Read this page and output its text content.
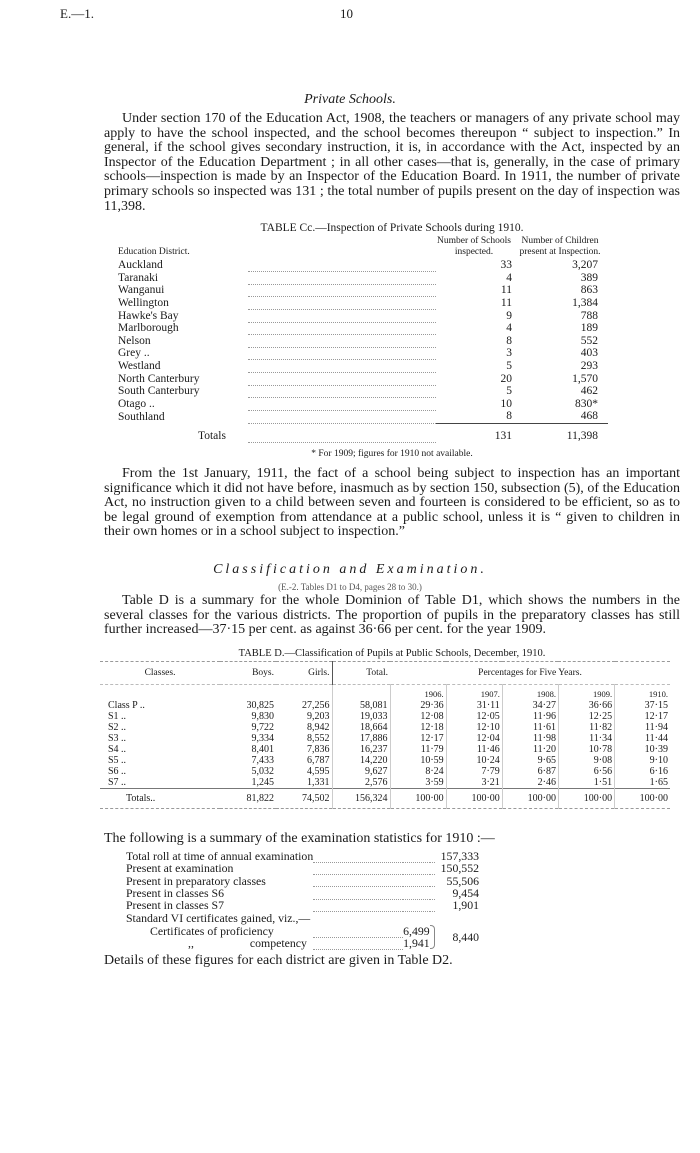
E.—1.	10
Private Schools.

Under section 170 of the Education Act, 1908, the teachers or managers of any private school may apply to have the school inspected, and the school becomes thereupon “ subject to inspection.” In general, if the school gives secondary instruction, it is, in accordance with the Act, inspected by an Inspector of the Education Department ; in all other cases—that is, generally, in the case of primary schools—inspection is made by an Inspector of the Education Board. In 1911, the number of private primary schools so inspected was 131 ; the total number of pupils present on the day of inspection was 11,398.

TABLE Cc.—Inspection of Private Schools during 1910.
Education District.		Number of Schools inspected.	Number of Children present at Inspection.
Auckland		33	3,207
Taranaki		4	389
Wanganui		11	863
Wellington		11	1,384
Hawke's Bay		9	788
Marlborough		4	189
Nelson		8	552
Grey ..		3	403
Westland		5	293
North Canterbury		20	1,570
South Canterbury		5	462
Otago ..		10	830*
Southland		8	468
Totals		131	11,398
* For 1909; figures for 1910 not available.

From the 1st January, 1911, the fact of a school being subject to inspection has an important significance which it did not have before, inasmuch as by section 150, subsection (5), of the Education Act, no instruction given to a child between seven and fourteen is considered to be efficient, so as to be legal ground of exemption from attendance at a public school, unless it is “ given to children in their own homes or in a school subject to inspection.”

Classification and Examination.
(E.-2. Tables D1 to D4, pages 28 to 30.)

Table D is a summary for the whole Dominion of Table D1, which shows the numbers in the several classes for the various districts. The proportion of pupils in the preparatory classes has still further increased—37·15 per cent. as against 36·66 per cent. for the year 1909.

TABLE D.—Classification of Pupils at Public Schools, December, 1910.
Classes.	Boys.	Girls.	Total.	Percentages for Five Years.				
				1906.	1907.	1908.	1909.	1910.
Class P ..	30,825	27,256	58,081	29·36	31·11	34·27	36·66	37·15
S1 ..	9,830	9,203	19,033	12·08	12·05	11·96	12·25	12·17
S2 ..	9,722	8,942	18,664	12·18	12·10	11·61	11·82	11·94
S3 ..	9,334	8,552	17,886	12·17	12·04	11·98	11·34	11·44
S4 ..	8,401	7,836	16,237	11·79	11·46	11·20	10·78	10·39
S5 ..	7,433	6,787	14,220	10·59	10·24	9·65	9·08	9·10
S6 ..	5,032	4,595	9,627	8·24	7·79	6·87	6·56	6·16
S7 ..	1,245	1,331	2,576	3·59	3·21	2·46	1·51	1·65
Totals..	81,822	74,502	156,324	100·00	100·00	100·00	100·00	100·00
The following is a summary of the examination statistics for 1910 :—
Total roll at time of annual examination				157,333
Present at examination				150,552
Present in preparatory classes				55,506
Present in classes S6				9,454
Present in classes S7				1,901
Standard VI certificates gained, viz.,—				
Certificates of proficiency		6,499		8,440
,, competency		1,941		
Details of these figures for each district are given in Table D2.
